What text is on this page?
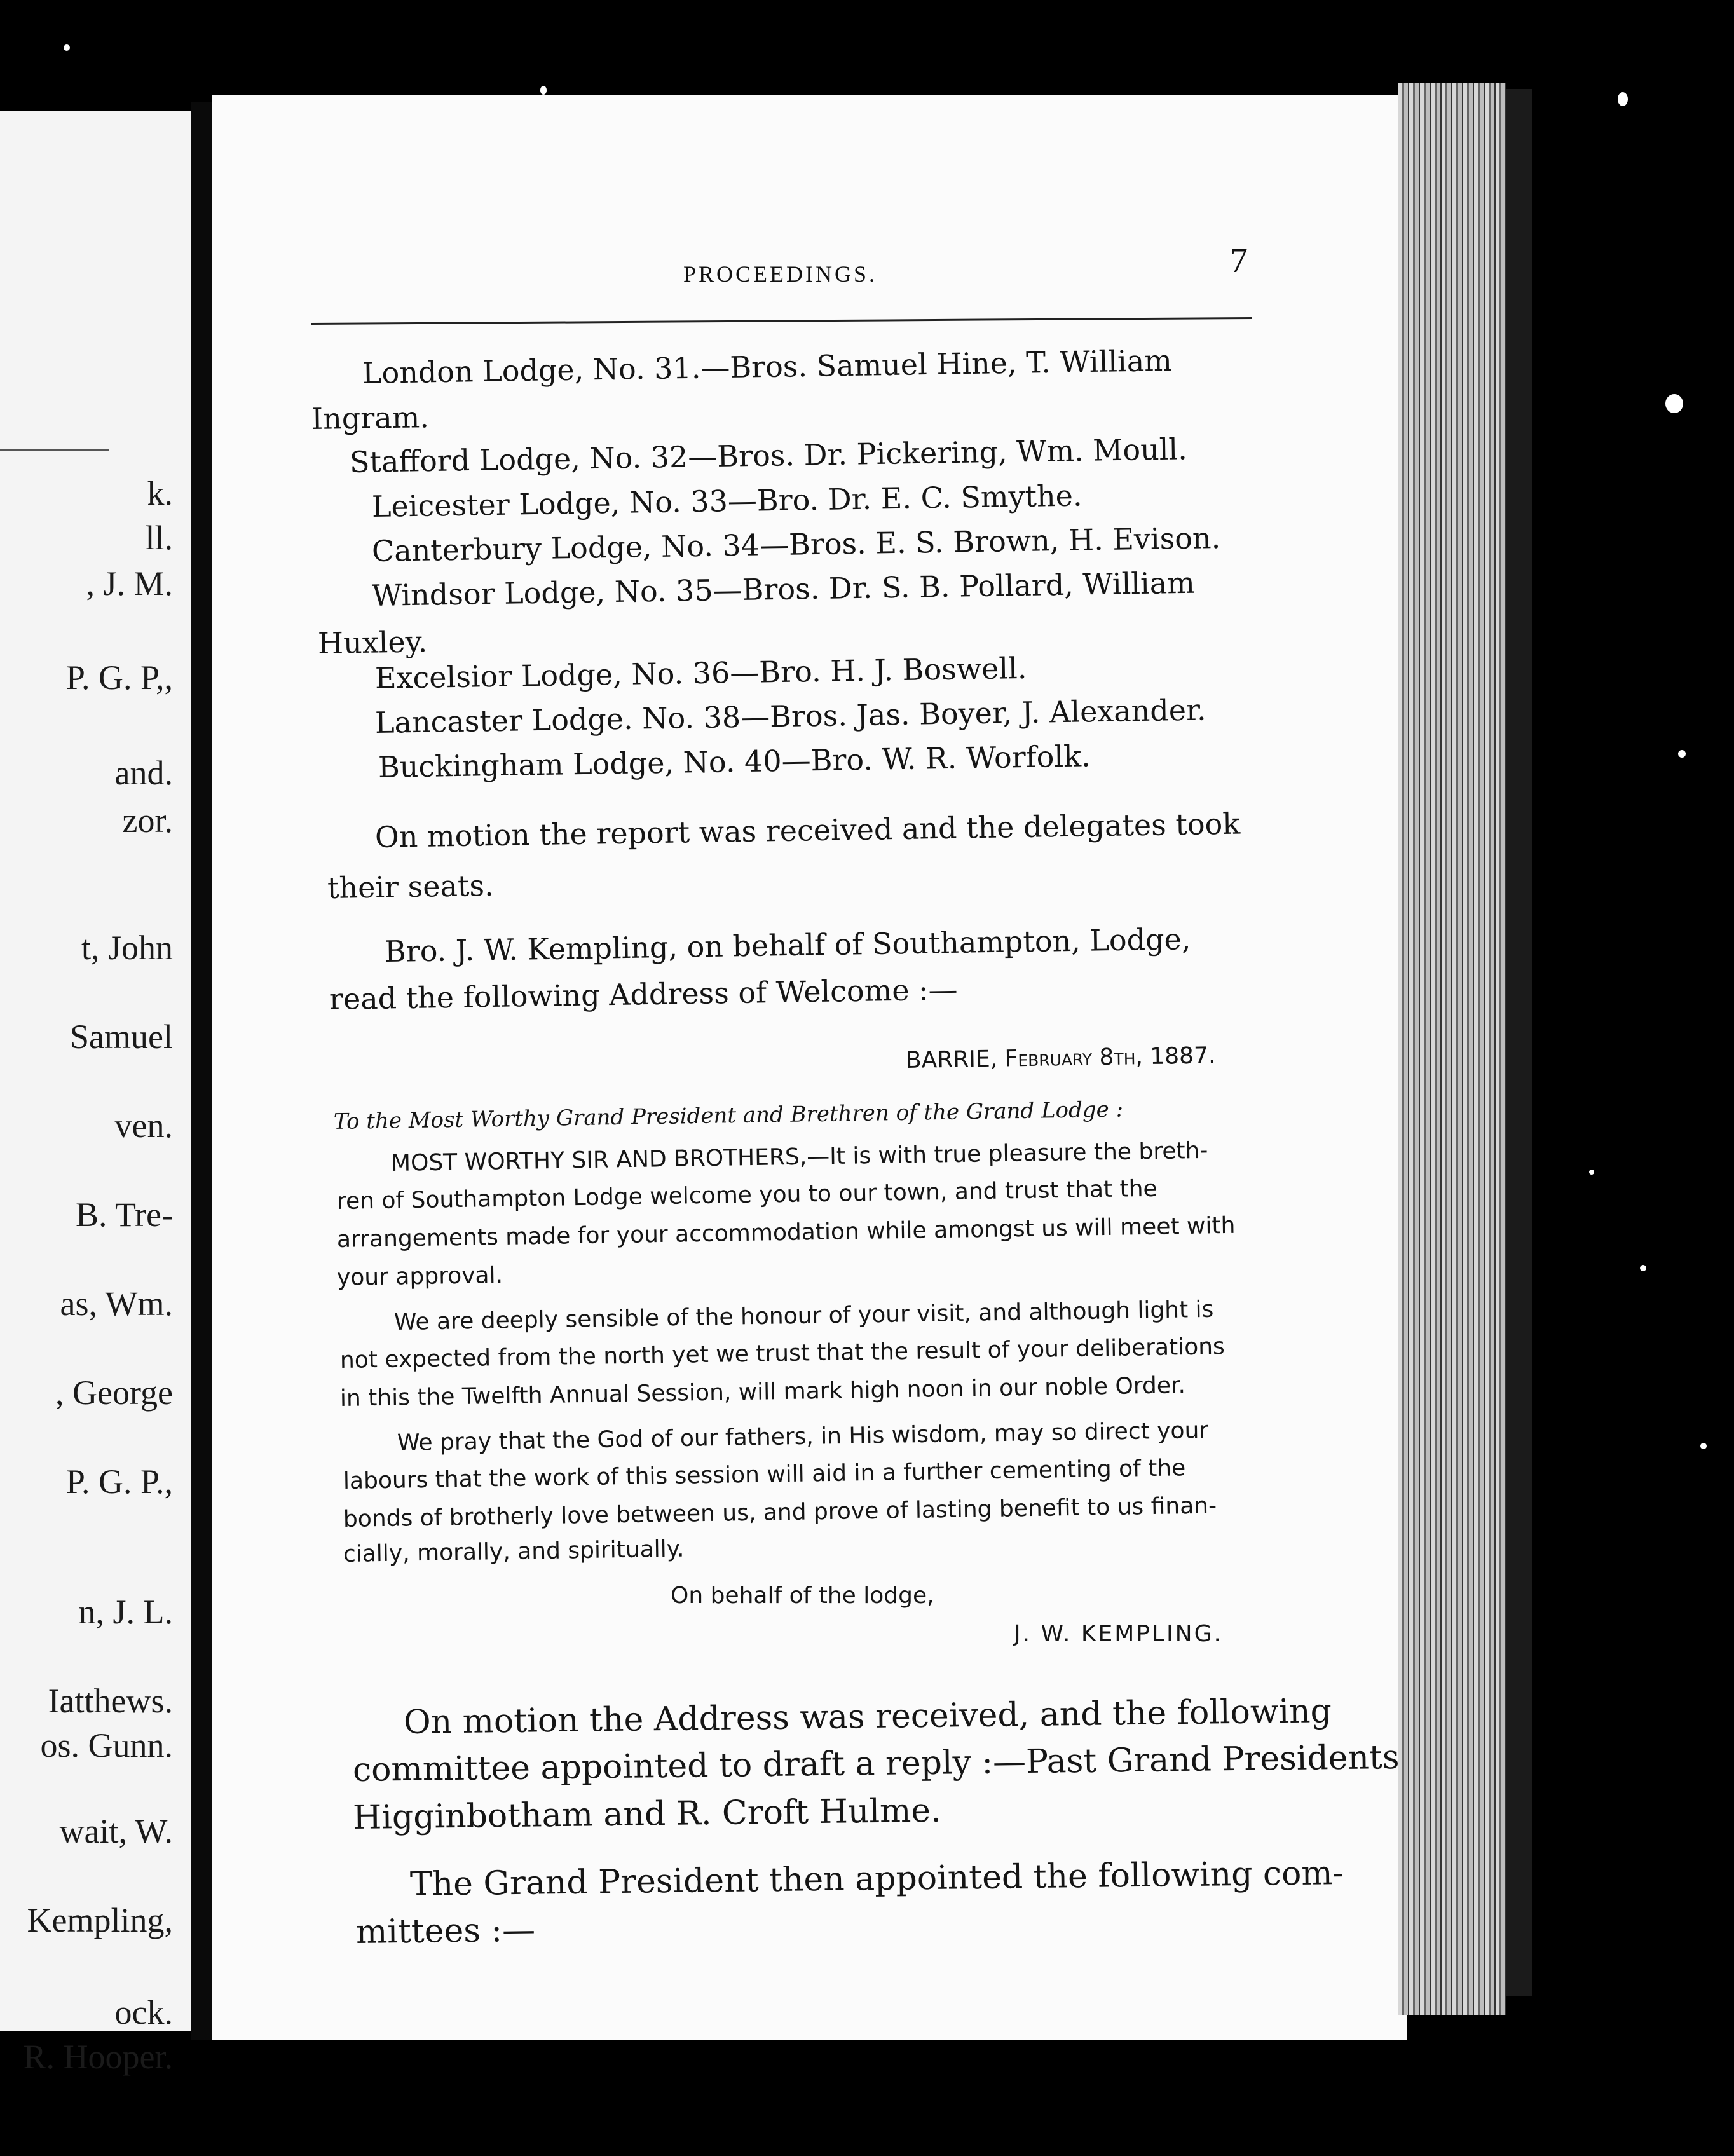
k.
ll.
, J. M.
P. G. P,,
and.
zor.
t, John
Samuel
ven.
B. Tre-
as, Wm.
, George
P. G. P.,
n, J. L.
Iatthews.
os. Gunn.
wait, W.
Kempling,
ock.
R. Hooper.
PROCEEDINGS.	7
London Lodge, No. 31.—Bros. Samuel Hine, T. William
Ingram.
Stafford Lodge, No. 32—Bros. Dr. Pickering, Wm. Moull.
Leicester Lodge, No. 33—Bro. Dr. E. C. Smythe.
Canterbury Lodge, No. 34—Bros. E. S. Brown, H. Evison.
Windsor Lodge, No. 35—Bros. Dr. S. B. Pollard, William
Huxley.
Excelsior Lodge, No. 36—Bro. H. J. Boswell.
Lancaster Lodge. No. 38—Bros. Jas. Boyer, J. Alexander.
Buckingham Lodge, No. 40—Bro. W. R. Worfolk.
On motion the report was received and the delegates took
their seats.
Bro. J. W. Kempling, on behalf of Southampton, Lodge,
read the following Address of Welcome :—
BARRIE, February 8th, 1887.
To the Most Worthy Grand President and Brethren of the Grand Lodge :
MOST WORTHY SIR AND BROTHERS,—It is with true pleasure the breth-
ren of Southampton Lodge welcome you to our town, and trust that the
arrangements made for your accommodation while amongst us will meet with
your approval.
We are deeply sensible of the honour of your visit, and although light is
not expected from the north yet we trust that the result of your deliberations
in this the Twelfth Annual Session, will mark high noon in our noble Order.
We pray that the God of our fathers, in His wisdom, may so direct your
labours that the work of this session will aid in a further cementing of the
bonds of brotherly love between us, and prove of lasting benefit to us finan-
cially, morally, and spiritually.
On behalf of the lodge,
J. W. KEMPLING.
On motion the Address was received, and the following
committee appointed to draft a reply :—Past Grand Presidents
Higginbotham and R. Croft Hulme.
The Grand President then appointed the following com-
mittees :—
